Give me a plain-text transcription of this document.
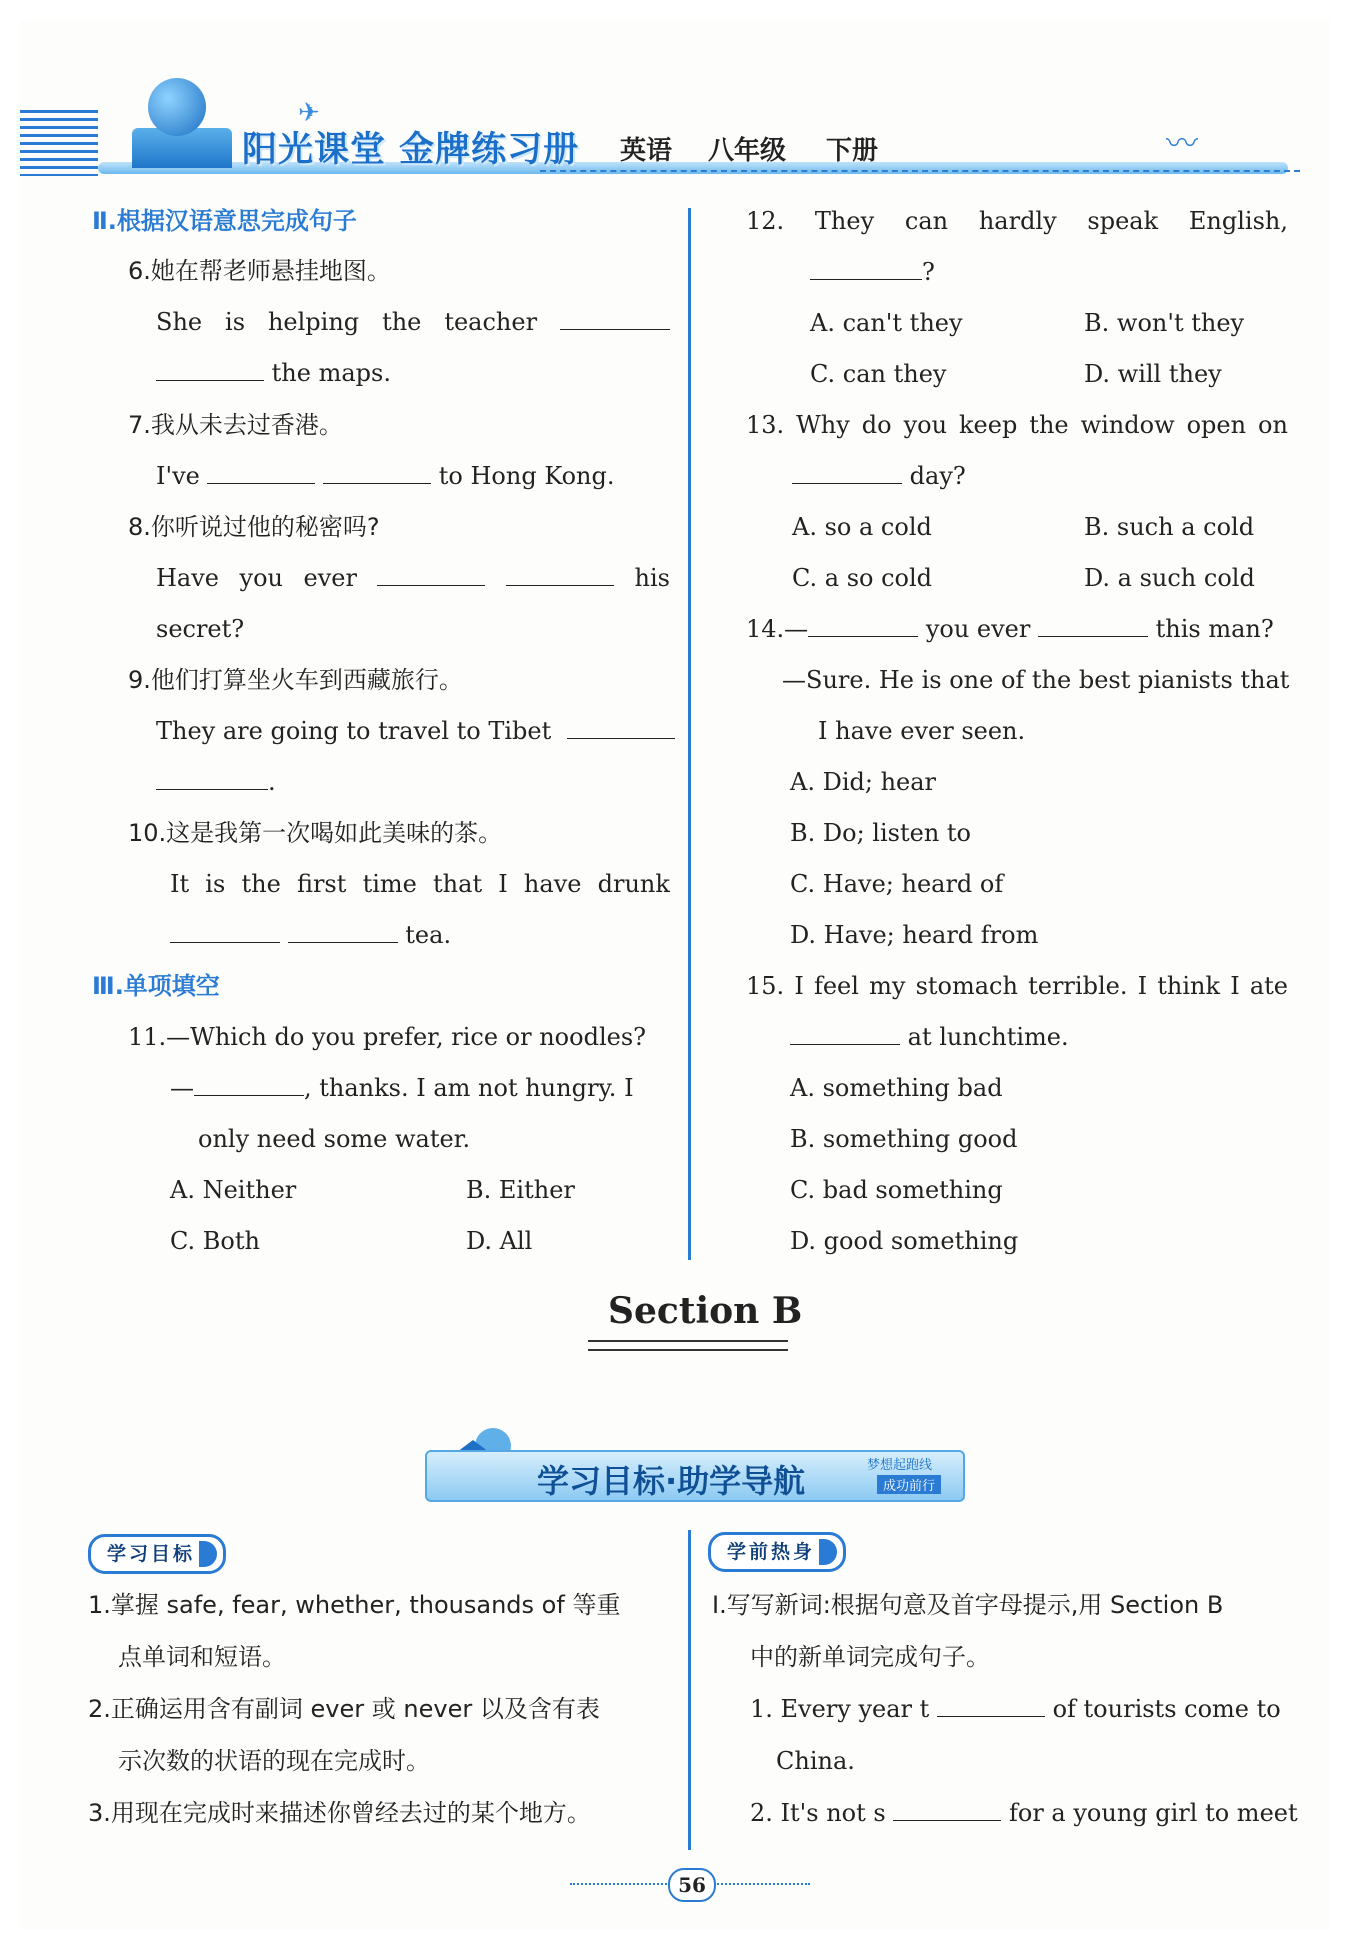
✈
阳光课堂 金牌练习册 英语 八年级 下册	〰
Ⅱ.根据汉语意思完成句子
6.她在帮老师悬挂地图。
She is helping the teacher
the maps.
7.我从未去过香港。
I've	to Hong Kong.
8.你听说过他的秘密吗?
Have you ever	his
secret?
9.他们打算坐火车到西藏旅行。
They are going to travel to Tibet
.
10.这是我第一次喝如此美味的茶。
It is the first time that I have drunk
tea.
Ⅲ.单项填空
11.—Which do you prefer, rice or noodles?
—	, thanks. I am not hungry. I
only need some water.
A. Neither	B. Either
C. Both	D. All
12. They can hardly speak English,
?
A. can't they	B. won't they
C. can they	D. will they
13. Why do you keep the window open on
day?
A. so a cold	B. such a cold
C. a so cold	D. a such cold
14.—	you ever	this man?
—Sure. He is one of the best pianists that
I have ever seen.
A. Did; hear
B. Do; listen to
C. Have; heard of
D. Have; heard from
15. I feel my stomach terrible. I think I ate
at lunchtime.
A. something bad
B. something good
C. bad something
D. good something
Section B
学习目标·助学导航	梦想起跑线
成功前行
学习目标
1.掌握 safe, fear, whether, thousands of 等重
点单词和短语。
2.正确运用含有副词 ever 或 never 以及含有表
示次数的状语的现在完成时。
3.用现在完成时来描述你曾经去过的某个地方。
学前热身
Ⅰ.写写新词:根据句意及首字母提示,用 Section B
中的新单词完成句子。
1. Every year t	of tourists come to
China.
2. It's not s	for a young girl to meet
56
